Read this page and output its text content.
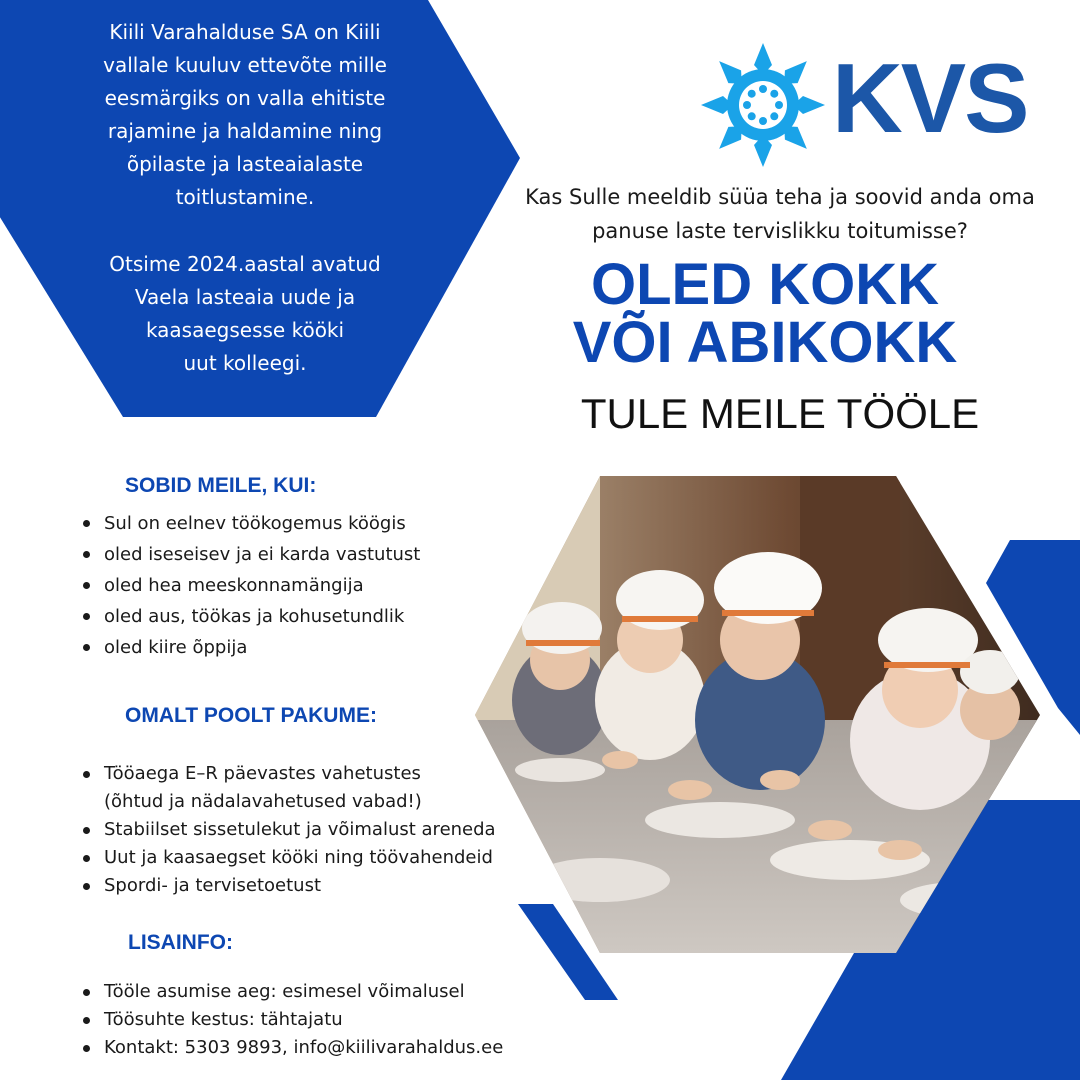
Kiili Varahalduse SA on Kiili

vallale kuuluv ettevõte mille

eesmärgiks on valla ehitiste

rajamine ja haldamine ning

õpilaste ja lasteaialaste

toitlustamine.

Otsime 2024.aastal avatud

Vaela lasteaia uude ja

kaasaegsesse kööki

uut kolleegi.

KVS
Kas Sulle meeldib süüa teha ja soovid anda oma
panuse laste tervislikku toitumisse?
OLED KOKK
VÕI ABIKOKK
TULE MEILE TÖÖLE
SOBID MEILE, KUI:
Sul on eelnev töökogemus köögis
oled iseseisev ja ei karda vastutust
oled hea meeskonnamängija
oled aus, töökas ja kohusetundlik
oled kiire õppija
OMALT POOLT PAKUME:
Tööaega E–R päevastes vahetustes
(õhtud ja nädalavahetused vabad!)
Stabiilset sissetulekut ja võimalust areneda
Uut ja kaasaegset kööki ning töövahendeid
Spordi- ja tervisetoetust
LISAINFO:
Tööle asumise aeg: esimesel võimalusel
Töösuhte kestus: tähtajatu
Kontakt: 5303 9893, info@kiilivarahaldus.ee
